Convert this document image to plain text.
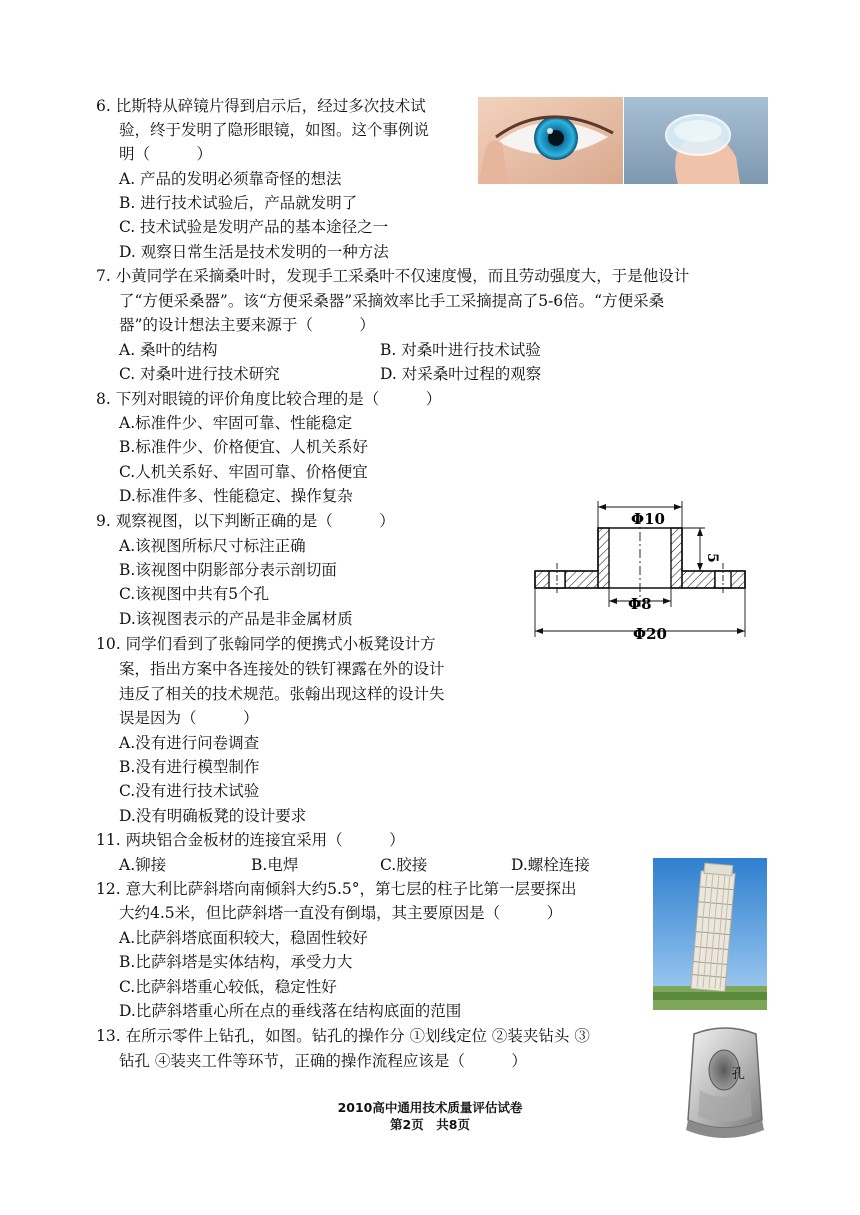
6. 比斯特从碎镜片得到启示后，经过多次技术试
验，终于发明了隐形眼镜，如图。这个事例说
明（　　　）
A. 产品的发明必须靠奇怪的想法
B. 进行技术试验后，产品就发明了
C. 技术试验是发明产品的基本途径之一
D. 观察日常生活是技术发明的一种方法
7. 小黄同学在采摘桑叶时，发现手工采桑叶不仅速度慢，而且劳动强度大，于是他设计
了“方便采桑器”。该“方便采桑器”采摘效率比手工采摘提高了5-6倍。“方便采桑
器”的设计想法主要来源于（　　　）
A. 桑叶的结构	B. 对桑叶进行技术试验
C. 对桑叶进行技术研究	D. 对采桑叶过程的观察
8. 下列对眼镜的评价角度比较合理的是（　　　）
A.标准件少、牢固可靠、性能稳定
B.标准件少、价格便宜、人机关系好
C.人机关系好、牢固可靠、价格便宜
D.标准件多、性能稳定、操作复杂
9. 观察视图，以下判断正确的是（　　　）
A.该视图所标尺寸标注正确
B.该视图中阴影部分表示剖切面
C.该视图中共有5个孔
D.该视图表示的产品是非金属材质
Φ10
5
Φ8
Φ20
10. 同学们看到了张翰同学的便携式小板凳设计方
案，指出方案中各连接处的铁钉裸露在外的设计
违反了相关的技术规范。张翰出现这样的设计失
误是因为（　　　）
A.没有进行问卷调查
B.没有进行模型制作
C.没有进行技术试验
D.没有明确板凳的设计要求
11. 两块铝合金板材的连接宜采用（　　　）
A.铆接	B.电焊	C.胶接	D.螺栓连接
12. 意大利比萨斜塔向南倾斜大约5.5°，第七层的柱子比第一层要探出
大约4.5米，但比萨斜塔一直没有倒塌，其主要原因是（　　　）
A.比萨斜塔底面积较大，稳固性较好
B.比萨斜塔是实体结构，承受力大
C.比萨斜塔重心较低，稳定性好
D.比萨斜塔重心所在点的垂线落在结构底面的范围
13. 在所示零件上钻孔，如图。钻孔的操作分 ①划线定位 ②装夹钻头 ③
钻孔 ④装夹工件等环节，正确的操作流程应该是（　　　）
孔
2010高中通用技术质量评估试卷
第2页　共8页
